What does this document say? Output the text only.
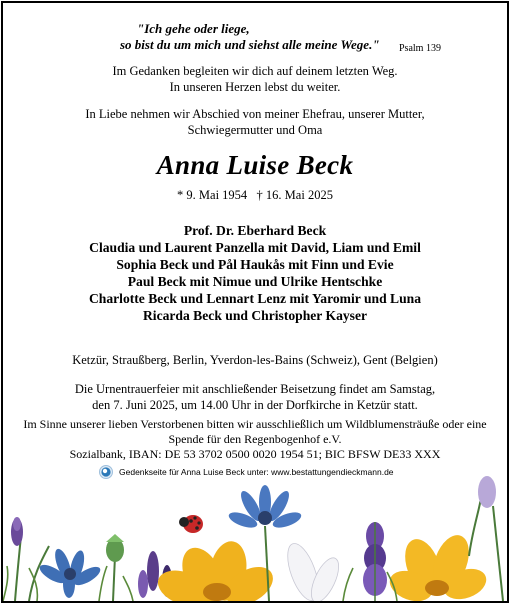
"Ich gehe oder liege,
so bist du um mich und siehst alle meine Wege." Psalm 139
Im Gedanken begleiten wir dich auf deinem letzten Weg.
In unseren Herzen lebst du weiter.
In Liebe nehmen wir Abschied von meiner Ehefrau, unserer Mutter,
Schwiegermutter und Oma
Anna Luise Beck
* 9. Mai 1954   † 16. Mai 2025
Prof. Dr. Eberhard Beck
Claudia und Laurent Panzella mit David, Liam und Emil
Sophia Beck und Pål Haukås mit Finn und Evie
Paul Beck mit Nimue und Ulrike Hentschke
Charlotte Beck und Lennart Lenz mit Yaromir und Luna
Ricarda Beck und Christopher Kayser
Ketzür, Straußberg, Berlin, Yverdon-les-Bains (Schweiz), Gent (Belgien)
Die Urnentrauerfeier mit anschließender Beisetzung findet am Samstag,
den 7. Juni 2025, um 14.00 Uhr in der Dorfkirche in Ketzür statt.
Im Sinne unserer lieben Verstorbenen bitten wir ausschließlich um Wildblumensträuße oder eine
Spende für den Regenbogenhof e.V.
Sozialbank, IBAN: DE 53 3702 0500 0020 1954 51; BIC BFSW DE33 XXX
Gedenkseite für Anna Luise Beck unter: www.bestattungendieckmann.de
